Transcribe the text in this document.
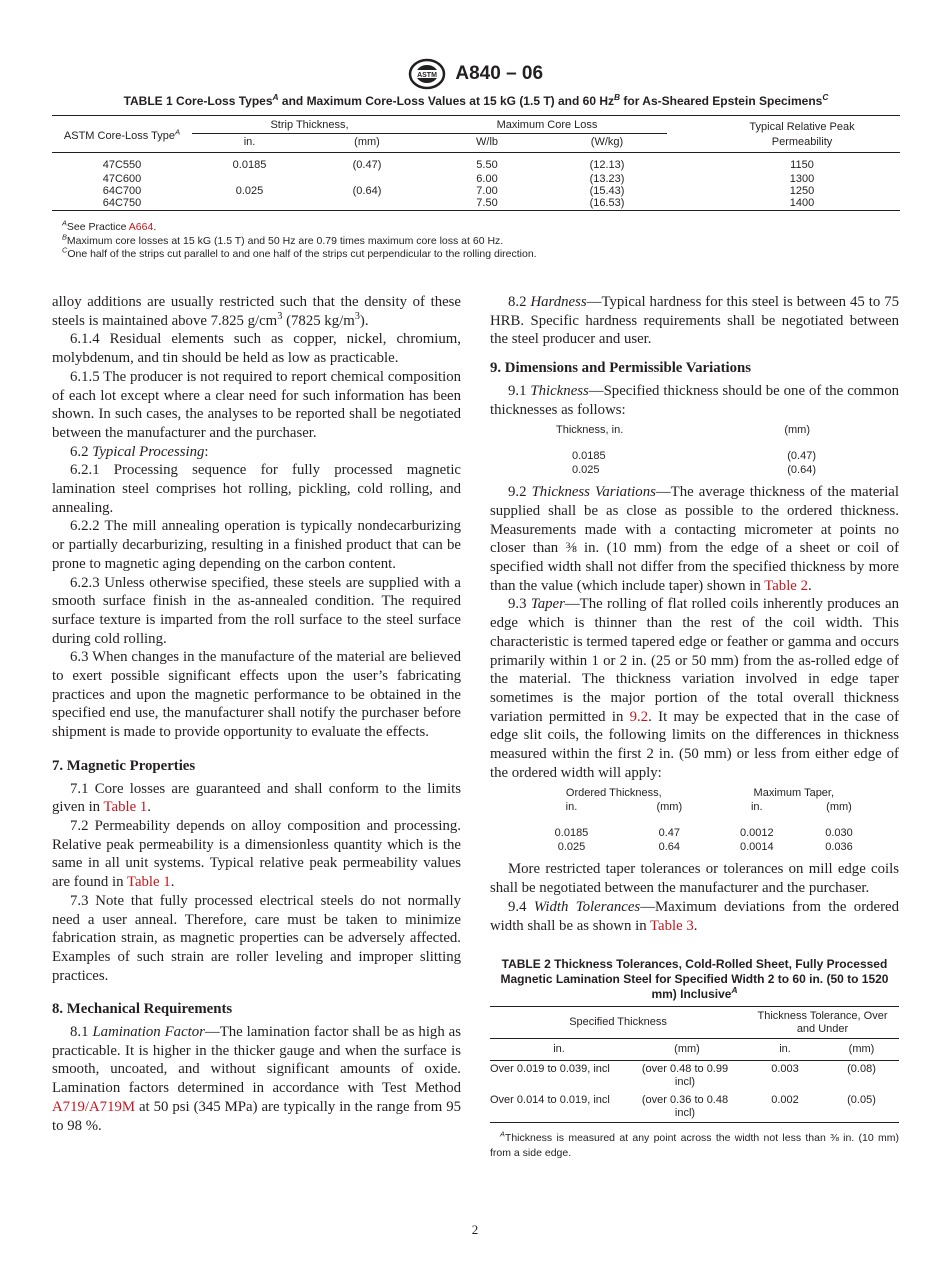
ASTM A840 – 06
TABLE 1 Core-Loss Types$^A$ and Maximum Core-Loss Values at 15 kG (1.5 T) and 60 $Hz^B$ for As-Sheared Epstein Specimens$^C$
ASTM Core-Loss Type$^A$	Strip Thickness,		Maximum Core Loss			Typical Relative Peak Permeability
	in.	(mm)	W/lb	(W/kg)		
47C550	0.0185	(0.47)	5.50	(12.13)		1150
47C600			6.00	(13.23)		1300
64C700	0.025	(0.64)	7.00	(15.43)		1250
64C750			7.50	(16.53)		1400
$^A$See Practice A664.
$^B$Maximum core losses at 15 kG (1.5 T) and 50 Hz are 0.79 times maximum core loss at 60 Hz.
$^C$One half of the strips cut parallel to and one half of the strips cut perpendicular to the rolling direction.

alloy additions are usually restricted such that the density of these steels is maintained above 7.825 $g/cm^3$ (7825 $kg/m^3$).

6.1.4 Residual elements such as copper, nickel, chromium, molybdenum, and tin should be held as low as practicable.

6.1.5 The producer is not required to report chemical composition of each lot except where a clear need for such information has been shown. In such cases, the analyses to be reported shall be negotiated between the manufacturer and the purchaser.

6.2 Typical Processing:

6.2.1 Processing sequence for fully processed magnetic lamination steel comprises hot rolling, pickling, cold rolling, and annealing.

6.2.2 The mill annealing operation is typically nondecarburizing or partially decarburizing, resulting in a finished product that can be prone to magnetic aging depending on the carbon content.

6.2.3 Unless otherwise specified, these steels are supplied with a smooth surface finish in the as-annealed condition. The required surface texture is imparted from the roll surface to the steel surface during cold rolling.

6.3 When changes in the manufacture of the material are believed to exert possible significant effects upon the user’s fabricating practices and upon the magnetic performance to be obtained in the specified end use, the manufacturer shall notify the purchaser before shipment is made to provide opportunity to evaluate the effects.

7. Magnetic Properties

7.1 Core losses are guaranteed and shall conform to the limits given in Table 1.

7.2 Permeability depends on alloy composition and processing. Relative peak permeability is a dimensionless quantity which is the same in all unit systems. Typical relative peak permeability values are found in Table 1.

7.3 Note that fully processed electrical steels do not normally need a user anneal. Therefore, care must be taken to minimize fabrication strain, as magnetic properties can be adversely affected. Examples of such strain are roller leveling and improper slitting practices.

8. Mechanical Requirements

8.1 Lamination Factor—The lamination factor shall be as high as practicable. It is higher in the thicker gauge and when the surface is smooth, uncoated, and without significant amounts of oxide. Lamination factors determined in accordance with Test Method A719/A719M at 50 psi (345 MPa) are typically in the range from 95 to 98 %.

8.2 Hardness—Typical hardness for this steel is between 45 to 75 HRB. Specific hardness requirements shall be negotiated between the steel producer and user.

9. Dimensions and Permissible Variations

9.1 Thickness—Specified thickness should be one of the common thicknesses as follows:

Thickness, in.	(mm)
0.0185	(0.47)
0.025	(0.64)

9.2 Thickness Variations—The average thickness of the material supplied shall be as close as possible to the ordered thickness. Measurements made with a contacting micrometer at points no closer than ⅜ in. (10 mm) from the edge of a sheet or coil of specified width shall not differ from the specified thickness by more than the value (which include taper) shown in Table 2.

9.3 Taper—The rolling of flat rolled coils inherently produces an edge which is thinner than the rest of the coil width. This characteristic is termed tapered edge or feather or gamma and occurs primarily within 1 or 2 in. (25 or 50 mm) from the as-rolled edge of the material. The thickness variation involved in edge taper sometimes is the major portion of the total overall thickness variation permitted in 9.2. It may be expected that in the case of edge slit coils, the following limits on the differences in thickness measured within the first 2 in. (50 mm) or less from either edge of the ordered width will apply:

Ordered Thickness,		Maximum Taper,	
in.	(mm)	in.	(mm)
0.0185	0.47	0.0012	0.030
0.025	0.64	0.0014	0.036

More restricted taper tolerances or tolerances on mill edge coils shall be negotiated between the manufacturer and the purchaser.

9.4 Width Tolerances—Maximum deviations from the ordered width shall be as shown in Table 3.

TABLE 2 Thickness Tolerances, Cold-Rolled Sheet, Fully Processed Magnetic Lamination Steel for Specified Width 2 to 60 in. (50 to 1520 mm) Inclusive$^A$
Specified Thickness		Thickness Tolerance, Over and Under	
in.	(mm)	in.	(mm)
Over 0.019 to 0.039, incl	(over 0.48 to 0.99 incl)	0.003	(0.08)
Over 0.014 to 0.019, incl	(over 0.36 to 0.48 incl)	0.002	(0.05)
$^A$Thickness is measured at any point across the width not less than ⅜ in. (10 mm) from a side edge.
2
